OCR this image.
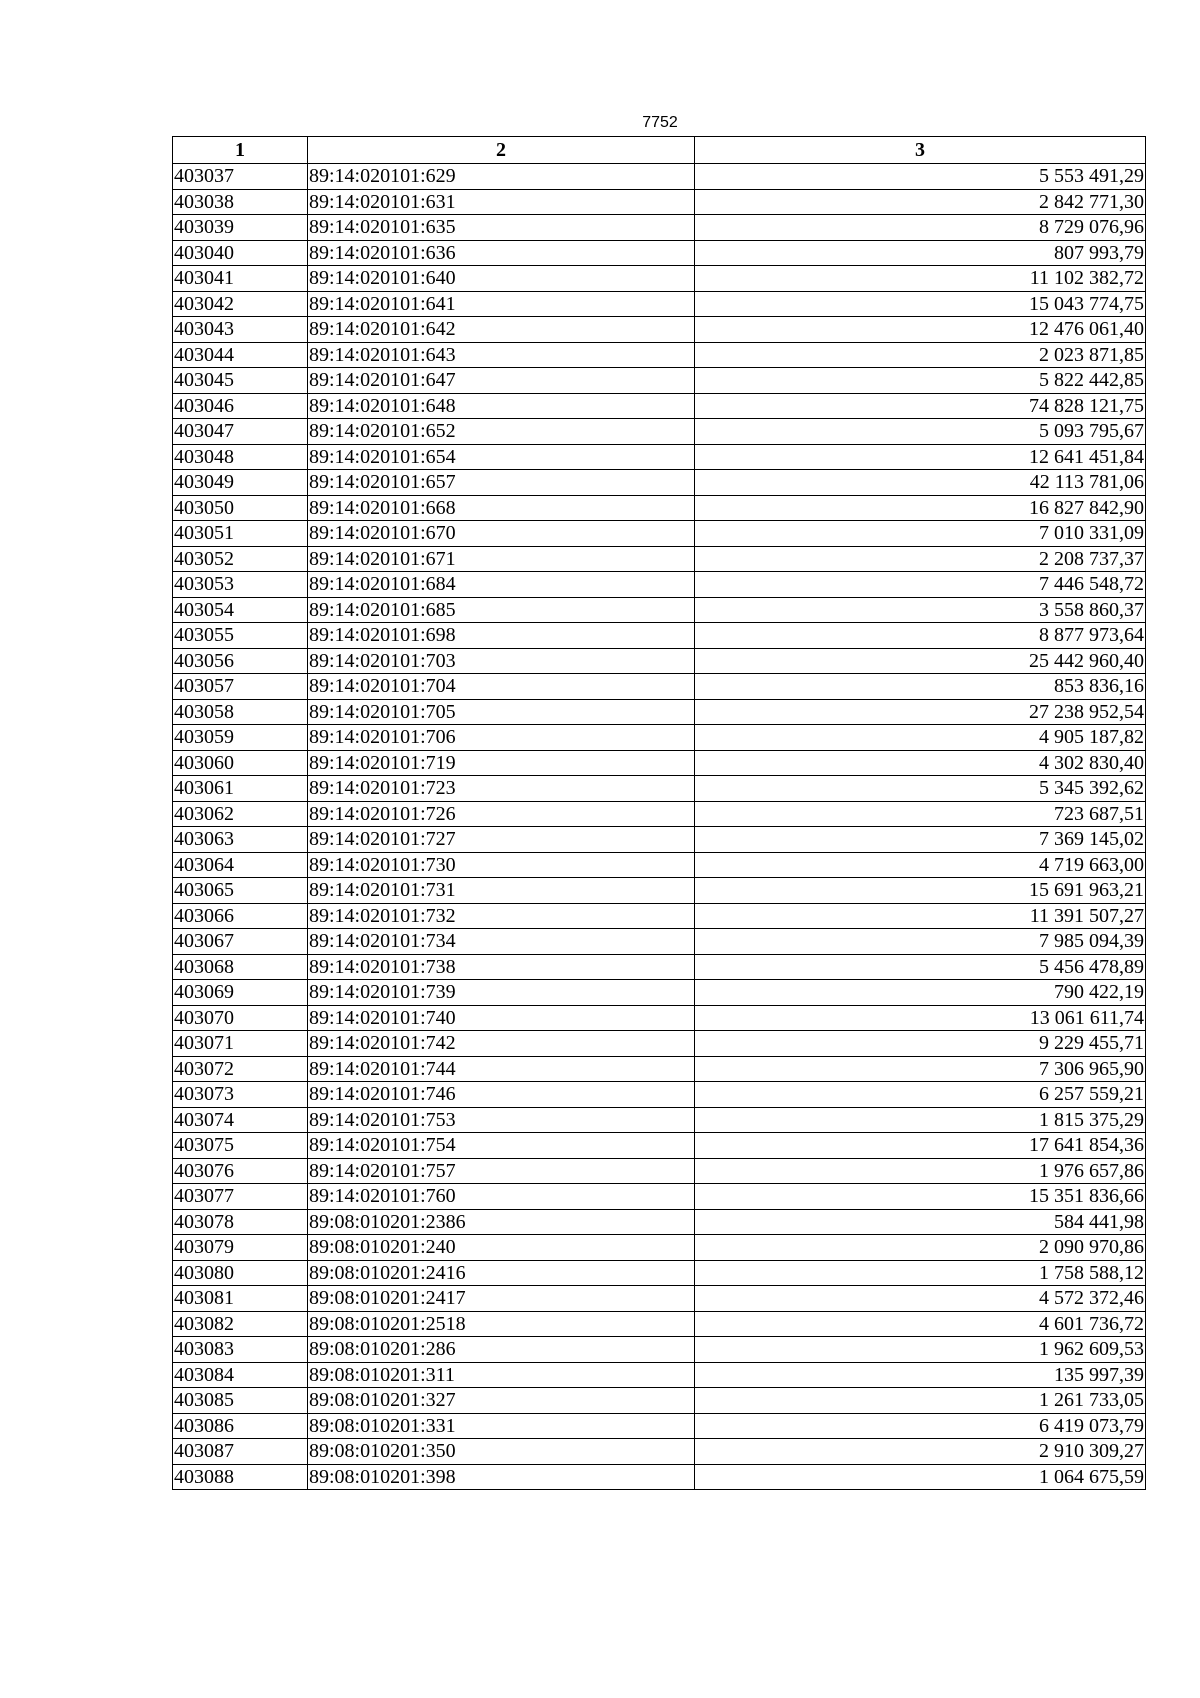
7752
1	2	3
403037	89:14:020101:629	5 553 491,29
403038	89:14:020101:631	2 842 771,30
403039	89:14:020101:635	8 729 076,96
403040	89:14:020101:636	807 993,79
403041	89:14:020101:640	11 102 382,72
403042	89:14:020101:641	15 043 774,75
403043	89:14:020101:642	12 476 061,40
403044	89:14:020101:643	2 023 871,85
403045	89:14:020101:647	5 822 442,85
403046	89:14:020101:648	74 828 121,75
403047	89:14:020101:652	5 093 795,67
403048	89:14:020101:654	12 641 451,84
403049	89:14:020101:657	42 113 781,06
403050	89:14:020101:668	16 827 842,90
403051	89:14:020101:670	7 010 331,09
403052	89:14:020101:671	2 208 737,37
403053	89:14:020101:684	7 446 548,72
403054	89:14:020101:685	3 558 860,37
403055	89:14:020101:698	8 877 973,64
403056	89:14:020101:703	25 442 960,40
403057	89:14:020101:704	853 836,16
403058	89:14:020101:705	27 238 952,54
403059	89:14:020101:706	4 905 187,82
403060	89:14:020101:719	4 302 830,40
403061	89:14:020101:723	5 345 392,62
403062	89:14:020101:726	723 687,51
403063	89:14:020101:727	7 369 145,02
403064	89:14:020101:730	4 719 663,00
403065	89:14:020101:731	15 691 963,21
403066	89:14:020101:732	11 391 507,27
403067	89:14:020101:734	7 985 094,39
403068	89:14:020101:738	5 456 478,89
403069	89:14:020101:739	790 422,19
403070	89:14:020101:740	13 061 611,74
403071	89:14:020101:742	9 229 455,71
403072	89:14:020101:744	7 306 965,90
403073	89:14:020101:746	6 257 559,21
403074	89:14:020101:753	1 815 375,29
403075	89:14:020101:754	17 641 854,36
403076	89:14:020101:757	1 976 657,86
403077	89:14:020101:760	15 351 836,66
403078	89:08:010201:2386	584 441,98
403079	89:08:010201:240	2 090 970,86
403080	89:08:010201:2416	1 758 588,12
403081	89:08:010201:2417	4 572 372,46
403082	89:08:010201:2518	4 601 736,72
403083	89:08:010201:286	1 962 609,53
403084	89:08:010201:311	135 997,39
403085	89:08:010201:327	1 261 733,05
403086	89:08:010201:331	6 419 073,79
403087	89:08:010201:350	2 910 309,27
403088	89:08:010201:398	1 064 675,59
